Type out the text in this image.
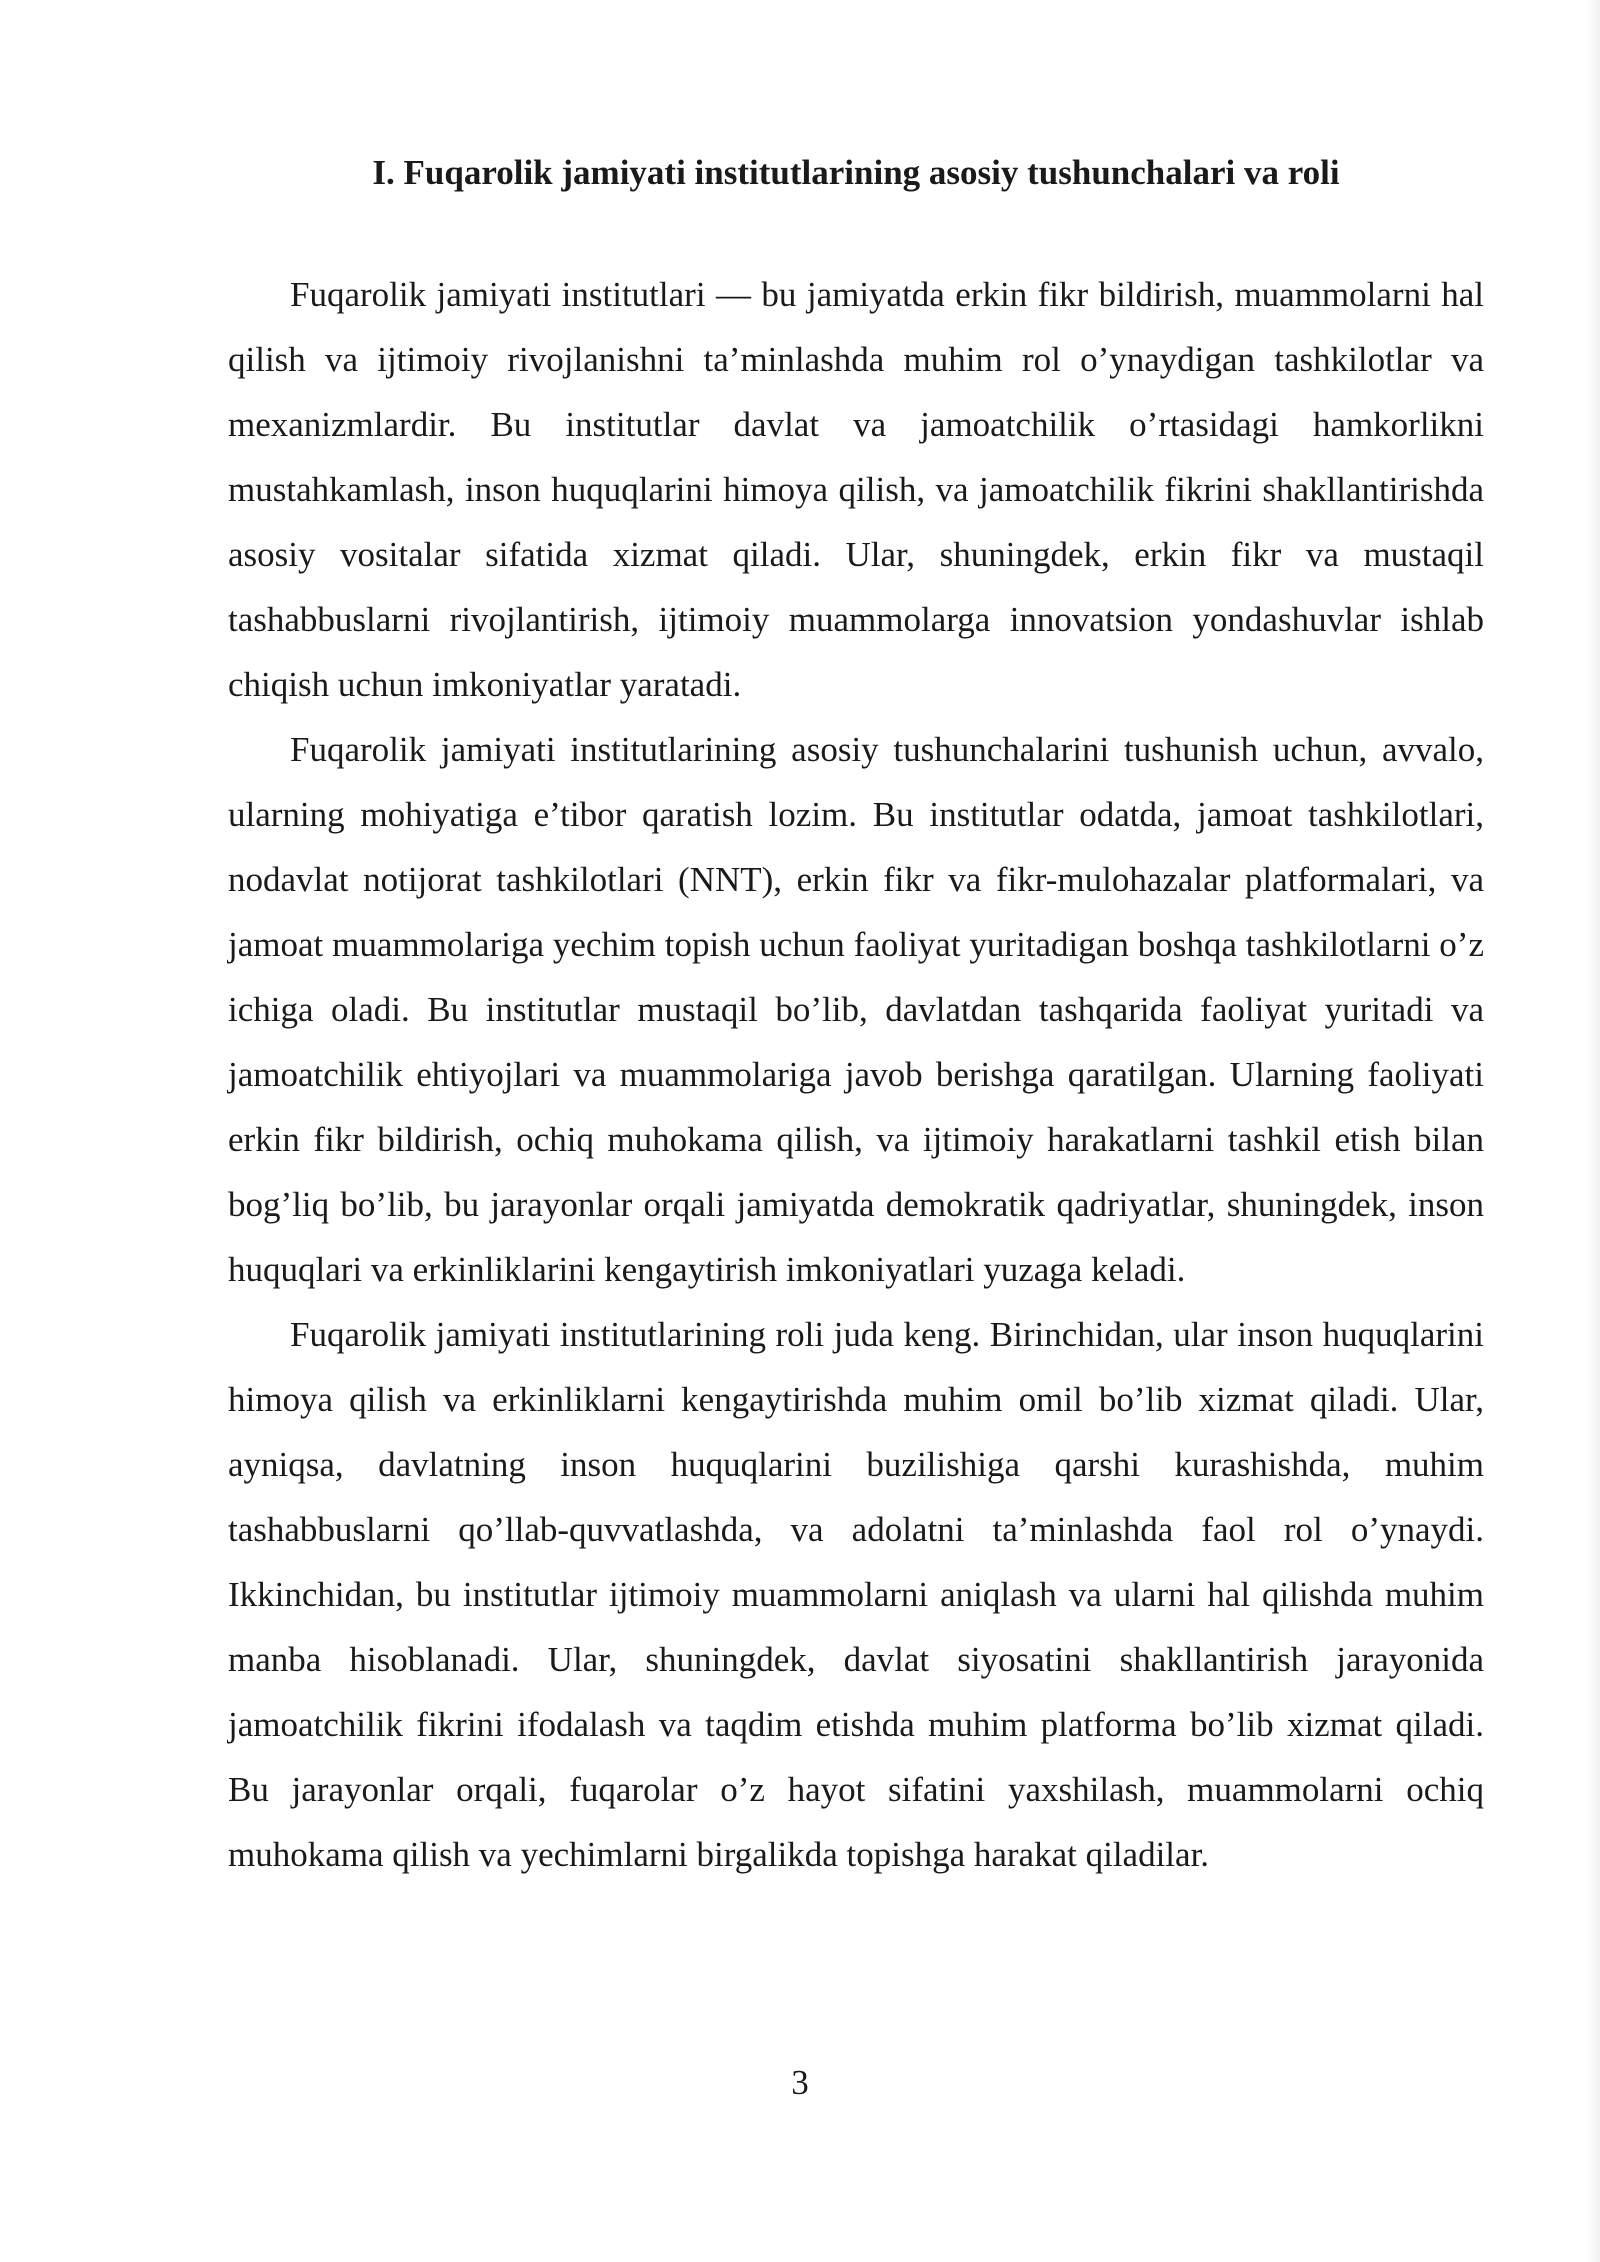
I. Fuqarolik jamiyati institutlarining asosiy tushunchalari va roli

Fuqarolik jamiyati institutlari — bu jamiyatda erkin fikr bildirish, muammolarni hal qilish va ijtimoiy rivojlanishni ta’minlashda muhim rol o’ynaydigan tashkilotlar va mexanizmlardir. Bu institutlar davlat va jamoatchilik o’rtasidagi hamkorlikni mustahkamlash, inson huquqlarini himoya qilish, va jamoatchilik fikrini shakllantirishda asosiy vositalar sifatida xizmat qiladi. Ular, shuningdek, erkin fikr va mustaqil tashabbuslarni rivojlantirish, ijtimoiy muammolarga innovatsion yondashuvlar ishlab chiqish uchun imkoniyatlar yaratadi.

Fuqarolik jamiyati institutlarining asosiy tushunchalarini tushunish uchun, avvalo, ularning mohiyatiga e’tibor qaratish lozim. Bu institutlar odatda, jamoat tashkilotlari, nodavlat notijorat tashkilotlari (NNT), erkin fikr va fikr-mulohazalar platformalari, va jamoat muammolariga yechim topish uchun faoliyat yuritadigan boshqa tashkilotlarni o’z ichiga oladi. Bu institutlar mustaqil bo’lib, davlatdan tashqarida faoliyat yuritadi va jamoatchilik ehtiyojlari va muammolariga javob berishga qaratilgan. Ularning faoliyati erkin fikr bildirish, ochiq muhokama qilish, va ijtimoiy harakatlarni tashkil etish bilan bog’liq bo’lib, bu jarayonlar orqali jamiyatda demokratik qadriyatlar, shuningdek, inson huquqlari va erkinliklarini kengaytirish imkoniyatlari yuzaga keladi.

Fuqarolik jamiyati institutlarining roli juda keng. Birinchidan, ular inson huquqlarini himoya qilish va erkinliklarni kengaytirishda muhim omil bo’lib xizmat qiladi. Ular, ayniqsa, davlatning inson huquqlarini buzilishiga qarshi kurashishda, muhim tashabbuslarni qo’llab-quvvatlashda, va adolatni ta’minlashda faol rol o’ynaydi. Ikkinchidan, bu institutlar ijtimoiy muammolarni aniqlash va ularni hal qilishda muhim manba hisoblanadi. Ular, shuningdek, davlat siyosatini shakllantirish jarayonida jamoatchilik fikrini ifodalash va taqdim etishda muhim platforma bo’lib xizmat qiladi. Bu jarayonlar orqali, fuqarolar o’z hayot sifatini yaxshilash, muammolarni ochiq muhokama qilish va yechimlarni birgalikda topishga harakat qiladilar.

3
